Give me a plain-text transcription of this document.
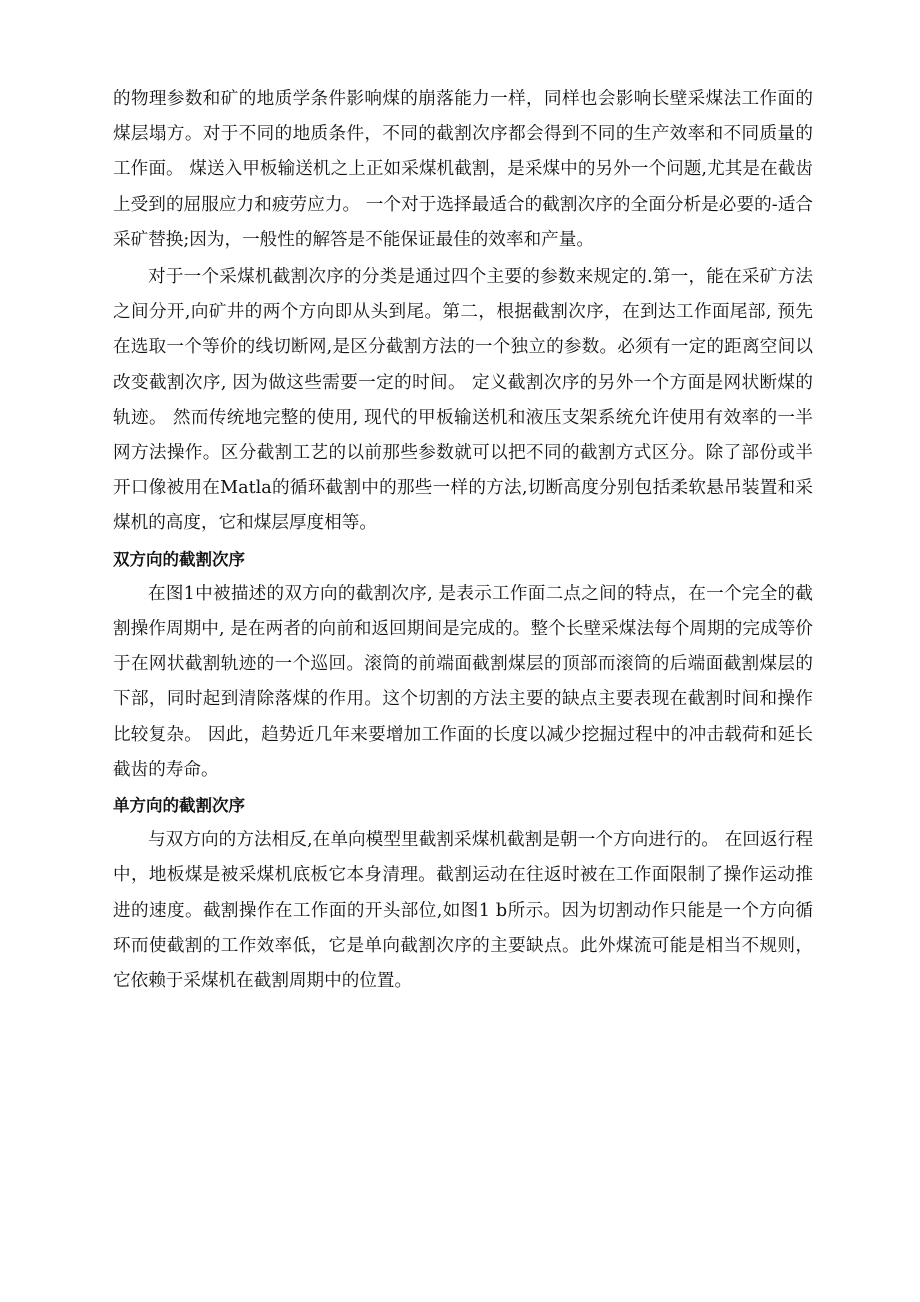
的物理参数和矿的地质学条件影响煤的崩落能力一样，同样也会影响长壁采煤法工作面的煤层塌方。对于不同的地质条件，不同的截割次序都会得到不同的生产效率和不同质量的工作面。 煤送入甲板输送机之上正如采煤机截割，是采煤中的另外一个问题,尤其是在截齿上受到的屈服应力和疲劳应力。 一个对于选择最适合的截割次序的全面分析是必要的-适合采矿替换;因为，一般性的解答是不能保证最佳的效率和产量。

对于一个采煤机截割次序的分类是通过四个主要的参数来规定的.第一，能在采矿方法之间分开,向矿井的两个方向即从头到尾。第二，根据截割次序，在到达工作面尾部, 预先在选取一个等价的线切断网,是区分截割方法的一个独立的参数。必须有一定的距离空间以改变截割次序, 因为做这些需要一定的时间。 定义截割次序的另外一个方面是网状断煤的轨迹。 然而传统地完整的使用, 现代的甲板输送机和液压支架系统允许使用有效率的一半网方法操作。区分截割工艺的以前那些参数就可以把不同的截割方式区分。除了部份或半开口像被用在Matla的循环截割中的那些一样的方法,切断高度分别包括柔软悬吊装置和采煤机的高度，它和煤层厚度相等。

双方向的截割次序

在图1中被描述的双方向的截割次序, 是表示工作面二点之间的特点，在一个完全的截割操作周期中, 是在两者的向前和返回期间是完成的。整个长壁采煤法每个周期的完成等价于在网状截割轨迹的一个巡回。滚筒的前端面截割煤层的顶部而滚筒的后端面截割煤层的下部，同时起到清除落煤的作用。这个切割的方法主要的缺点主要表现在截割时间和操作比较复杂。 因此，趋势近几年来要增加工作面的长度以减少挖掘过程中的冲击载荷和延长截齿的寿命。

单方向的截割次序

与双方向的方法相反,在单向模型里截割采煤机截割是朝一个方向进行的。 在回返行程中，地板煤是被采煤机底板它本身清理。截割运动在往返时被在工作面限制了操作运动推进的速度。截割操作在工作面的开头部位,如图1 b所示。因为切割动作只能是一个方向循环而使截割的工作效率低，它是单向截割次序的主要缺点。此外煤流可能是相当不规则，它依赖于采煤机在截割周期中的位置。
